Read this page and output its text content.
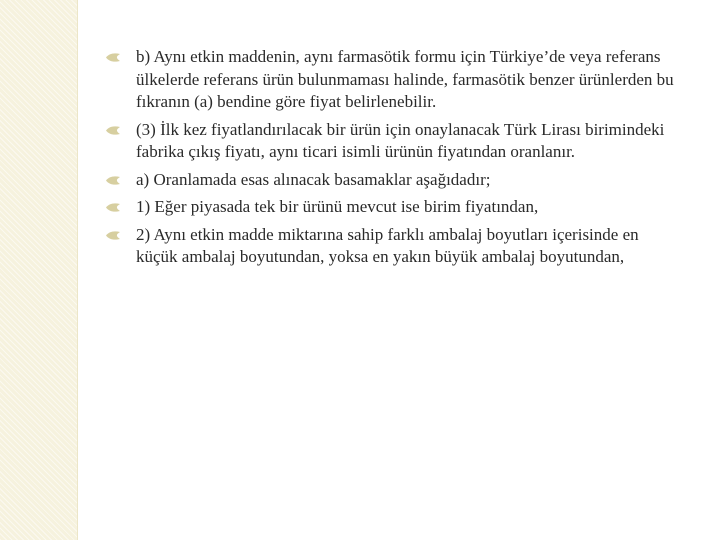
b) Aynı etkin maddenin, aynı farmasötik formu için Türkiye’de veya referans ülkelerde referans ürün bulunmaması halinde, farmasötik benzer ürünlerden bu fıkranın (a) bendine göre fiyat belirlenebilir.
(3) İlk kez fiyatlandırılacak bir ürün için onaylanacak Türk Lirası birimindeki fabrika çıkış fiyatı, aynı ticari isimli ürünün fiyatından oranlanır.
a) Oranlamada esas alınacak basamaklar aşağıdadır;
1) Eğer piyasada tek bir ürünü mevcut ise birim fiyatından,
2) Aynı etkin madde miktarına sahip farklı ambalaj boyutları içerisinde en küçük ambalaj boyutundan, yoksa en yakın büyük ambalaj boyutundan,
